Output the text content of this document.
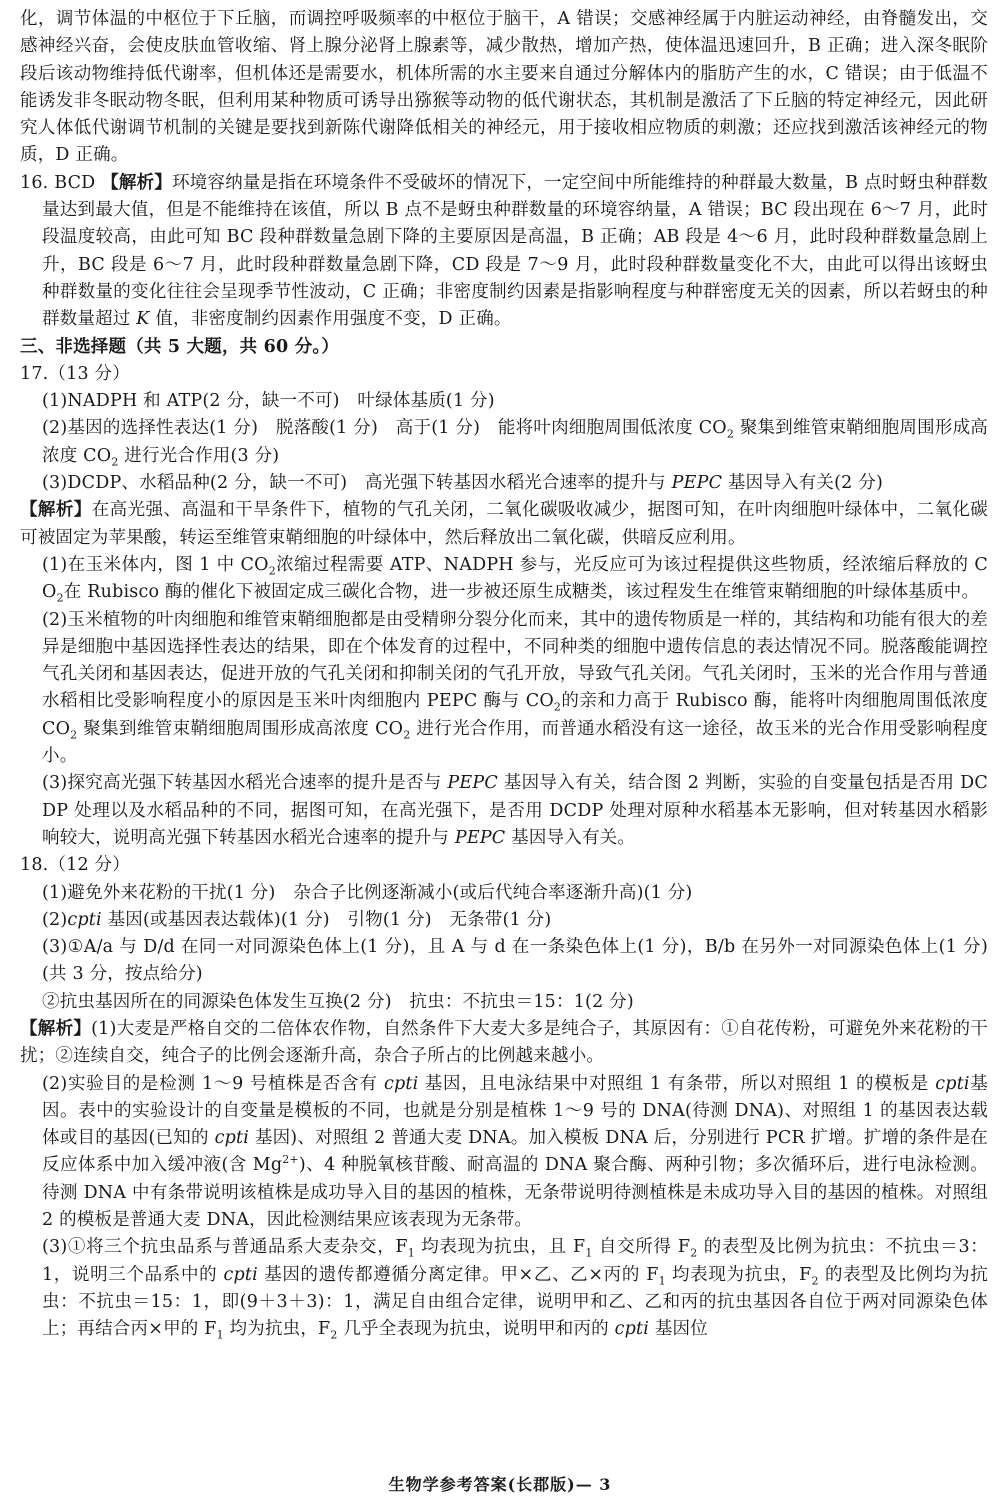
化，调节体温的中枢位于下丘脑，而调控呼吸频率的中枢位于脑干，A 错误；交感神经属于内脏运动神经，由脊髓发出，交感神经兴奋，会使皮肤血管收缩、肾上腺分泌肾上腺素等，减少散热，增加产热，使体温迅速回升，B 正确；进入深冬眠阶段后该动物维持低代谢率，但机体还是需要水，机体所需的水主要来自通过分解体内的脂肪产生的水，C 错误；由于低温不能诱发非冬眠动物冬眠，但利用某种物质可诱导出猕猴等动物的低代谢状态，其机制是激活了下丘脑的特定神经元，因此研究人体低代谢调节机制的关键是要找到新陈代谢降低相关的神经元，用于接收相应物质的刺激；还应找到激活该神经元的物质，D 正确。

16. BCD 【解析】环境容纳量是指在环境条件不受破坏的情况下，一定空间中所能维持的种群最大数量，B 点时蚜虫种群数量达到最大值，但是不能维持在该值，所以 B 点不是蚜虫种群数量的环境容纳量，A 错误；BC 段出现在 6～7 月，此时段温度较高，由此可知 BC 段种群数量急剧下降的主要原因是高温，B 正确；AB 段是 4～6 月，此时段种群数量急剧上升，BC 段是 6～7 月，此时段种群数量急剧下降，CD 段是 7～9 月，此时段种群数量变化不大，由此可以得出该蚜虫种群数量的变化往往会呈现季节性波动，C 正确；非密度制约因素是指影响程度与种群密度无关的因素，所以若蚜虫的种群数量超过 K 值，非密度制约因素作用强度不变，D 正确。

三、非选择题（共 5 大题，共 60 分。）

17.（13 分）

(1)NADPH 和 ATP(2 分，缺一不可)　叶绿体基质(1 分)

(2)基因的选择性表达(1 分)　脱落酸(1 分)　高于(1 分)　能将叶肉细胞周围低浓度 $CO_2$ 聚集到维管束鞘细胞周围形成高浓度 $CO_2$ 进行光合作用(3 分)

(3)DCDP、水稻品种(2 分，缺一不可)　高光强下转基因水稻光合速率的提升与 PEPC 基因导入有关(2 分)

【解析】在高光强、高温和干旱条件下，植物的气孔关闭，二氧化碳吸收减少，据图可知，在叶肉细胞叶绿体中，二氧化碳可被固定为苹果酸，转运至维管束鞘细胞的叶绿体中，然后释放出二氧化碳，供暗反应利用。

(1)在玉米体内，图 1 中 $CO_2$浓缩过程需要 ATP、NADPH 参与，光反应可为该过程提供这些物质，经浓缩后释放的 $CO_2$在 Rubisco 酶的催化下被固定成三碳化合物，进一步被还原生成糖类，该过程发生在维管束鞘细胞的叶绿体基质中。

(2)玉米植物的叶肉细胞和维管束鞘细胞都是由受精卵分裂分化而来，其中的遗传物质是一样的，其结构和功能有很大的差异是细胞中基因选择性表达的结果，即在个体发育的过程中，不同种类的细胞中遗传信息的表达情况不同。脱落酸能调控气孔关闭和基因表达，促进开放的气孔关闭和抑制关闭的气孔开放，导致气孔关闭。气孔关闭时，玉米的光合作用与普通水稻相比受影响程度小的原因是玉米叶肉细胞内 PEPC 酶与 $CO_2$的亲和力高于 Rubisco 酶，能将叶肉细胞周围低浓度 $CO_2$ 聚集到维管束鞘细胞周围形成高浓度 $CO_2$ 进行光合作用，而普通水稻没有这一途径，故玉米的光合作用受影响程度小。

(3)探究高光强下转基因水稻光合速率的提升是否与 PEPC 基因导入有关，结合图 2 判断，实验的自变量包括是否用 DCDP 处理以及水稻品种的不同，据图可知，在高光强下，是否用 DCDP 处理对原种水稻基本无影响，但对转基因水稻影响较大，说明高光强下转基因水稻光合速率的提升与 PEPC 基因导入有关。

18.（12 分）

(1)避免外来花粉的干扰(1 分)　杂合子比例逐渐减小(或后代纯合率逐渐升高)(1 分)

(2)cpti 基因(或基因表达载体)(1 分)　引物(1 分)　无条带(1 分)

(3)①A/a 与 D/d 在同一对同源染色体上(1 分)，且 A 与 d 在一条染色体上(1 分)，B/b 在另外一对同源染色体上(1 分)(共 3 分，按点给分)

②抗虫基因所在的同源染色体发生互换(2 分)　抗虫：不抗虫＝15：1(2 分)

【解析】(1)大麦是严格自交的二倍体农作物，自然条件下大麦大多是纯合子，其原因有：①自花传粉，可避免外来花粉的干扰；②连续自交，纯合子的比例会逐渐升高，杂合子所占的比例越来越小。

(2)实验目的是检测 1～9 号植株是否含有 cpti 基因，且电泳结果中对照组 1 有条带，所以对照组 1 的模板是 cpti基因。表中的实验设计的自变量是模板的不同，也就是分别是植株 1～9 号的 DNA(待测 DNA)、对照组 1 的基因表达载体或目的基因(已知的 cpti 基因)、对照组 2 普通大麦 DNA。加入模板 DNA 后，分别进行 PCR 扩增。扩增的条件是在反应体系中加入缓冲液(含 $Mg^{2+}$)、4 种脱氧核苷酸、耐高温的 DNA 聚合酶、两种引物；多次循环后，进行电泳检测。待测 DNA 中有条带说明该植株是成功导入目的基因的植株，无条带说明待测植株是未成功导入目的基因的植株。对照组 2 的模板是普通大麦 DNA，因此检测结果应该表现为无条带。

(3)①将三个抗虫品系与普通品系大麦杂交，$F_1$ 均表现为抗虫，且 $F_1$ 自交所得 $F_2$ 的表型及比例为抗虫：不抗虫＝3：1，说明三个品系中的 cpti 基因的遗传都遵循分离定律。甲×乙、乙×丙的 $F_1$ 均表现为抗虫，$F_2$ 的表型及比例均为抗虫：不抗虫＝15：1，即(9＋3＋3)：1，满足自由组合定律，说明甲和乙、乙和丙的抗虫基因各自位于两对同源染色体上；再结合丙×甲的 $F_1$ 均为抗虫，$F_2$ 几乎全表现为抗虫，说明甲和丙的 cpti 基因位

生物学参考答案(长郡版)— 3
